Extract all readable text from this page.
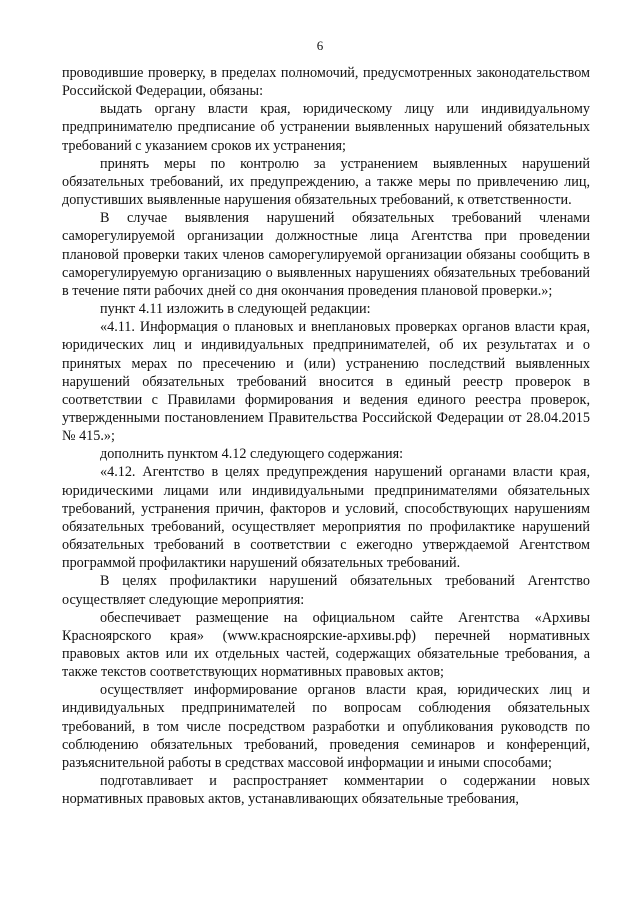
6

проводившие проверку, в пределах полномочий, предусмотренных законодательством Российской Федерации, обязаны:

выдать органу власти края, юридическому лицу или индивидуальному предпринимателю предписание об устранении выявленных нарушений обязательных требований с указанием сроков их устранения;

принять меры по контролю за устранением выявленных нарушений обязательных требований, их предупреждению, а также меры по привлечению лиц, допустивших выявленные нарушения обязательных требований, к ответственности.

В случае выявления нарушений обязательных требований членами саморегулируемой организации должностные лица Агентства при проведении плановой проверки таких членов саморегулируемой организации обязаны сообщить в саморегулируемую организацию о выявленных нарушениях обязательных требований в течение пяти рабочих дней со дня окончания проведения плановой проверки.»;

пункт 4.11 изложить в следующей редакции:

«4.11. Информация о плановых и внеплановых проверках органов власти края, юридических лиц и индивидуальных предпринимателей, об их результатах и о принятых мерах по пресечению и (или) устранению последствий выявленных нарушений обязательных требований вносится в единый реестр проверок в соответствии с Правилами формирования и ведения единого реестра проверок, утвержденными постановлением Правительства Российской Федерации от 28.04.2015 № 415.»;

дополнить пунктом 4.12 следующего содержания:

«4.12. Агентство в целях предупреждения нарушений органами власти края, юридическими лицами или индивидуальными предпринимателями обязательных требований, устранения причин, факторов и условий, способствующих нарушениям обязательных требований, осуществляет мероприятия по профилактике нарушений обязательных требований в соответствии с ежегодно утверждаемой Агентством программой профилактики нарушений обязательных требований.

В целях профилактики нарушений обязательных требований Агентство осуществляет следующие мероприятия:

обеспечивает размещение на официальном сайте Агентства «Архивы Красноярского края» (www.красноярские-архивы.рф) перечней нормативных правовых актов или их отдельных частей, содержащих обязательные требования, а также текстов соответствующих нормативных правовых актов;

осуществляет информирование органов власти края, юридических лиц и индивидуальных предпринимателей по вопросам соблюдения обязательных требований, в том числе посредством разработки и опубликования руководств по соблюдению обязательных требований, проведения семинаров и конференций, разъяснительной работы в средствах массовой информации и иными способами;

подготавливает и распространяет комментарии о содержании новых нормативных правовых актов, устанавливающих обязательные требования,
